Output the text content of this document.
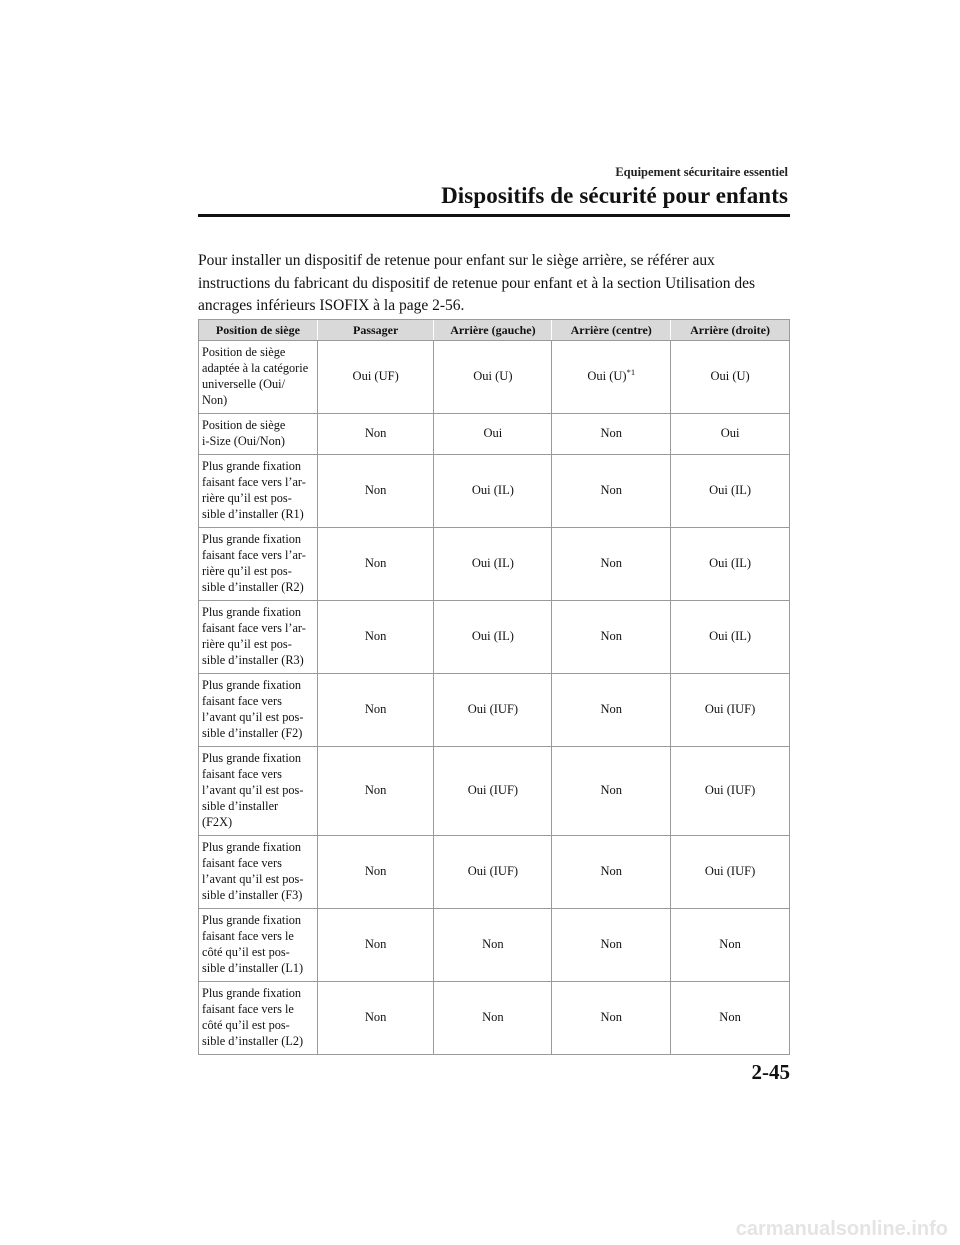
Equipement sécuritaire essentiel
Dispositifs de sécurité pour enfants

Pour installer un dispositif de retenue pour enfant sur le siège arrière, se référer aux instructions du fabricant du dispositif de retenue pour enfant et à la section Utilisation des ancrages inférieurs ISOFIX à la page 2-56.

Position de siège	Passager	Arrière (gauche)	Arrière (centre)	Arrière (droite)
Position de siège
adaptée à la catégorie
universelle (Oui/
Non)	Oui (UF)	Oui (U)	Oui $(U)^{*1}$	Oui (U)
Position de siège
i-Size (Oui/Non)	Non	Oui	Non	Oui
Plus grande fixation
faisant face vers l’ar-
rière qu’il est pos-
sible d’installer (R1)	Non	Oui (IL)	Non	Oui (IL)
Plus grande fixation
faisant face vers l’ar-
rière qu’il est pos-
sible d’installer (R2)	Non	Oui (IL)	Non	Oui (IL)
Plus grande fixation
faisant face vers l’ar-
rière qu’il est pos-
sible d’installer (R3)	Non	Oui (IL)	Non	Oui (IL)
Plus grande fixation
faisant face vers
l’avant qu’il est pos-
sible d’installer (F2)	Non	Oui (IUF)	Non	Oui (IUF)
Plus grande fixation
faisant face vers
l’avant qu’il est pos-
sible d’installer
(F2X)	Non	Oui (IUF)	Non	Oui (IUF)
Plus grande fixation
faisant face vers
l’avant qu’il est pos-
sible d’installer (F3)	Non	Oui (IUF)	Non	Oui (IUF)
Plus grande fixation
faisant face vers le
côté qu’il est pos-
sible d’installer (L1)	Non	Non	Non	Non
Plus grande fixation
faisant face vers le
côté qu’il est pos-
sible d’installer (L2)	Non	Non	Non	Non
2-45
carmanualsonline.info
